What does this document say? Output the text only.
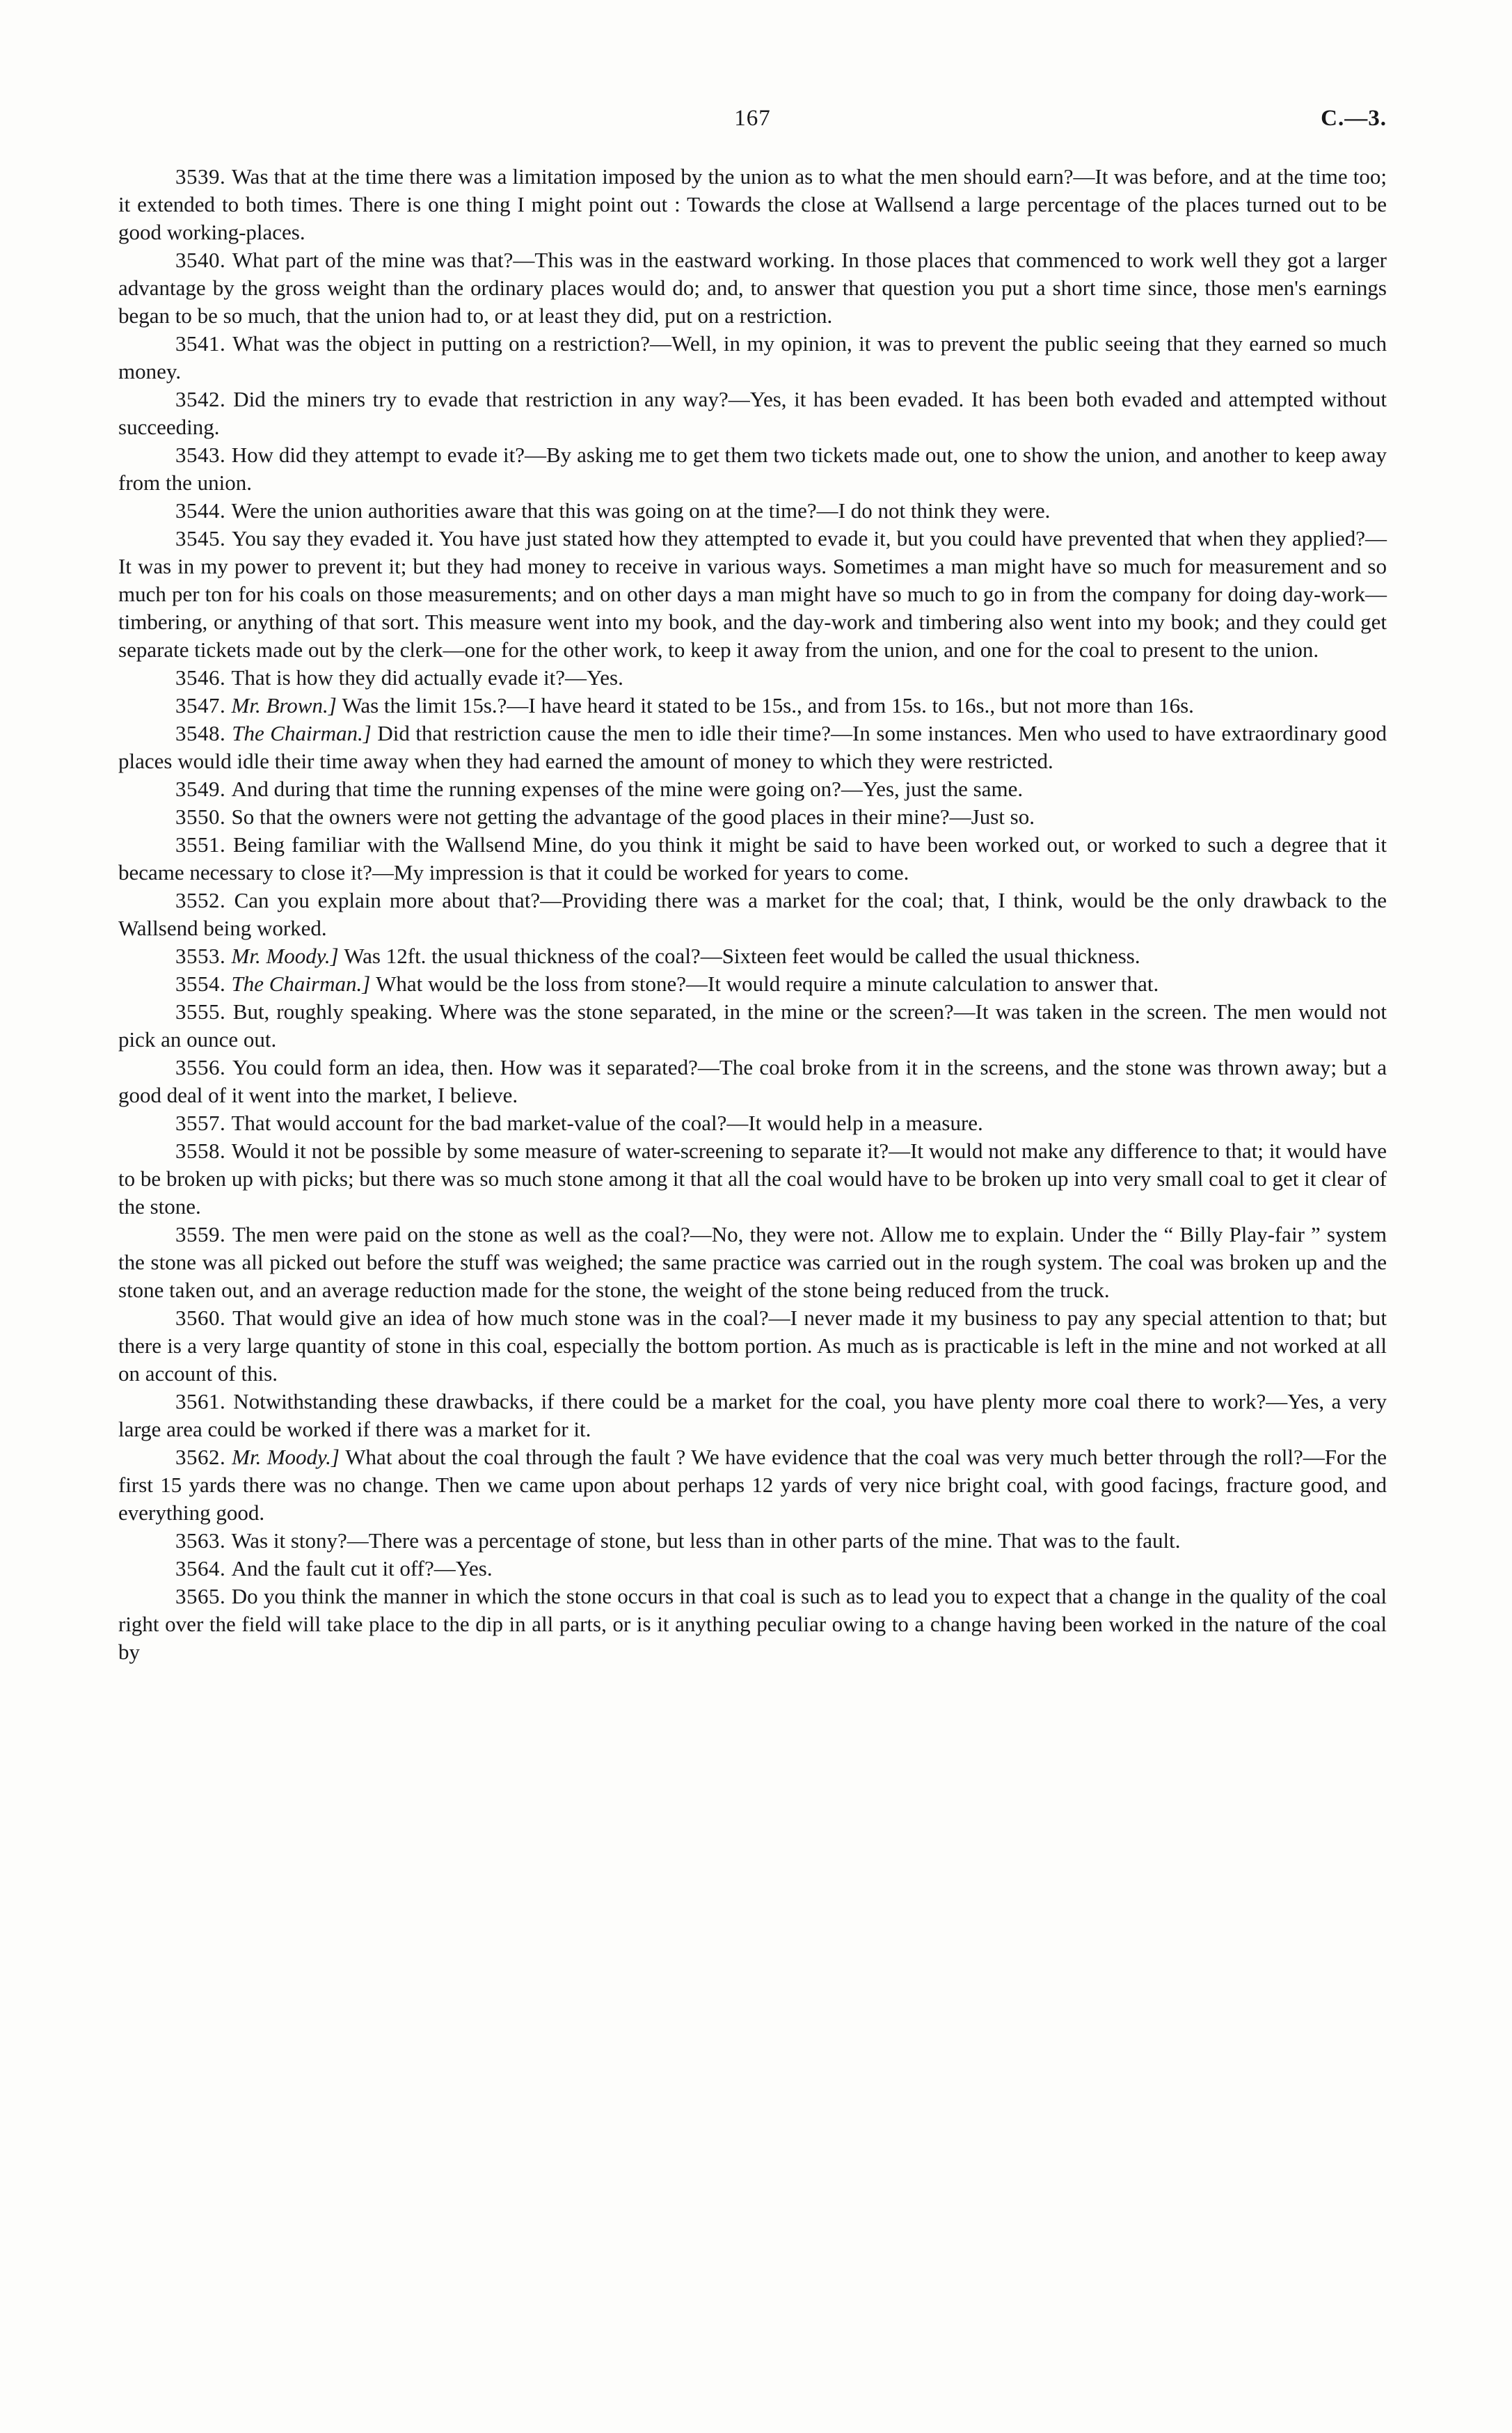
167	C.—3.

3539. Was that at the time there was a limitation imposed by the union as to what the men should earn?—It was before, and at the time too; it extended to both times. There is one thing I might point out : Towards the close at Wallsend a large percentage of the places turned out to be good working-places.

3540. What part of the mine was that?—This was in the eastward working. In those places that commenced to work well they got a larger advantage by the gross weight than the ordinary places would do; and, to answer that question you put a short time since, those men's earnings began to be so much, that the union had to, or at least they did, put on a restriction.

3541. What was the object in putting on a restriction?—Well, in my opinion, it was to prevent the public seeing that they earned so much money.

3542. Did the miners try to evade that restriction in any way?—Yes, it has been evaded. It has been both evaded and attempted without succeeding.

3543. How did they attempt to evade it?—By asking me to get them two tickets made out, one to show the union, and another to keep away from the union.

3544. Were the union authorities aware that this was going on at the time?—I do not think they were.

3545. You say they evaded it. You have just stated how they attempted to evade it, but you could have prevented that when they applied?—It was in my power to prevent it; but they had money to receive in various ways. Sometimes a man might have so much for measurement and so much per ton for his coals on those measurements; and on other days a man might have so much to go in from the company for doing day-work—timbering, or anything of that sort. This measure went into my book, and the day-work and timbering also went into my book; and they could get separate tickets made out by the clerk—one for the other work, to keep it away from the union, and one for the coal to present to the union.

3546. That is how they did actually evade it?—Yes.

3547. Mr. Brown.] Was the limit 15s.?—I have heard it stated to be 15s., and from 15s. to 16s., but not more than 16s.

3548. The Chairman.] Did that restriction cause the men to idle their time?—In some instances. Men who used to have extraordinary good places would idle their time away when they had earned the amount of money to which they were restricted.

3549. And during that time the running expenses of the mine were going on?—Yes, just the same.

3550. So that the owners were not getting the advantage of the good places in their mine?—Just so.

3551. Being familiar with the Wallsend Mine, do you think it might be said to have been worked out, or worked to such a degree that it became necessary to close it?—My impression is that it could be worked for years to come.

3552. Can you explain more about that?—Providing there was a market for the coal; that, I think, would be the only drawback to the Wallsend being worked.

3553. Mr. Moody.] Was 12ft. the usual thickness of the coal?—Sixteen feet would be called the usual thickness.

3554. The Chairman.] What would be the loss from stone?—It would require a minute calculation to answer that.

3555. But, roughly speaking. Where was the stone separated, in the mine or the screen?—It was taken in the screen. The men would not pick an ounce out.

3556. You could form an idea, then. How was it separated?—The coal broke from it in the screens, and the stone was thrown away; but a good deal of it went into the market, I believe.

3557. That would account for the bad market-value of the coal?—It would help in a measure.

3558. Would it not be possible by some measure of water-screening to separate it?—It would not make any difference to that; it would have to be broken up with picks; but there was so much stone among it that all the coal would have to be broken up into very small coal to get it clear of the stone.

3559. The men were paid on the stone as well as the coal?—No, they were not. Allow me to explain. Under the “ Billy Play-fair ” system the stone was all picked out before the stuff was weighed; the same practice was carried out in the rough system. The coal was broken up and the stone taken out, and an average reduction made for the stone, the weight of the stone being reduced from the truck.

3560. That would give an idea of how much stone was in the coal?—I never made it my business to pay any special attention to that; but there is a very large quantity of stone in this coal, especially the bottom portion. As much as is practicable is left in the mine and not worked at all on account of this.

3561. Notwithstanding these drawbacks, if there could be a market for the coal, you have plenty more coal there to work?—Yes, a very large area could be worked if there was a market for it.

3562. Mr. Moody.] What about the coal through the fault ? We have evidence that the coal was very much better through the roll?—For the first 15 yards there was no change. Then we came upon about perhaps 12 yards of very nice bright coal, with good facings, fracture good, and everything good.

3563. Was it stony?—There was a percentage of stone, but less than in other parts of the mine. That was to the fault.

3564. And the fault cut it off?—Yes.

3565. Do you think the manner in which the stone occurs in that coal is such as to lead you to expect that a change in the quality of the coal right over the field will take place to the dip in all parts, or is it anything peculiar owing to a change having been worked in the nature of the coal by
